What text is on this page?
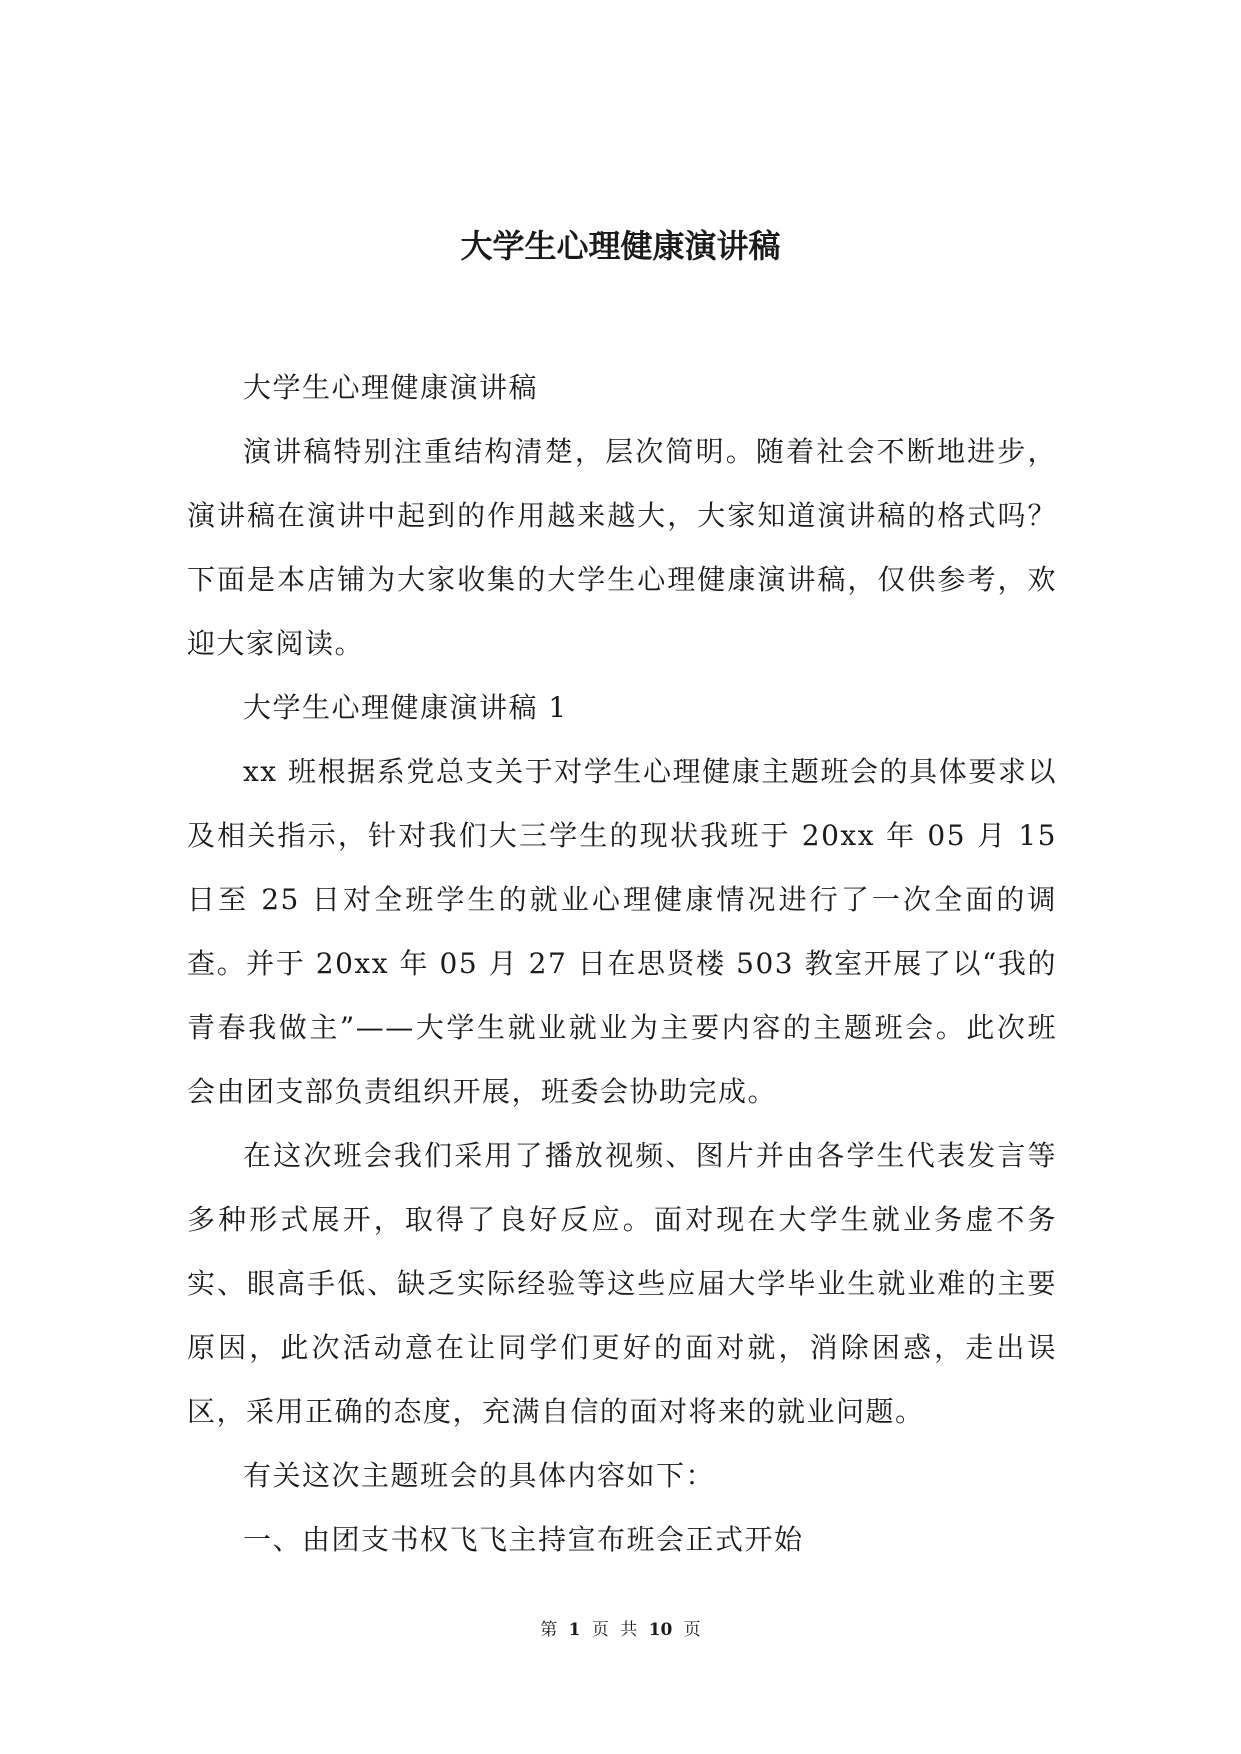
大学生心理健康演讲稿

大学生心理健康演讲稿

演讲稿特别注重结构清楚，层次简明。随着社会不断地进步，演讲稿在演讲中起到的作用越来越大，大家知道演讲稿的格式吗？下面是本店铺为大家收集的大学生心理健康演讲稿，仅供参考，欢迎大家阅读。

大学生心理健康演讲稿 1

xx 班根据系党总支关于对学生心理健康主题班会的具体要求以及相关指示，针对我们大三学生的现状我班于 20xx 年 05 月 15 日至 25 日对全班学生的就业心理健康情况进行了一次全面的调查。并于 20xx 年 05 月 27 日在思贤楼 503 教室开展了以“我的青春我做主”——大学生就业就业为主要内容的主题班会。此次班会由团支部负责组织开展，班委会协助完成。

在这次班会我们采用了播放视频、图片并由各学生代表发言等多种形式展开，取得了良好反应。面对现在大学生就业务虚不务实、眼高手低、缺乏实际经验等这些应届大学毕业生就业难的主要原因，此次活动意在让同学们更好的面对就，消除困惑，走出误区，采用正确的态度，充满自信的面对将来的就业问题。

有关这次主题班会的具体内容如下：

一、由团支书权飞飞主持宣布班会正式开始

第 1 页 共 10 页
